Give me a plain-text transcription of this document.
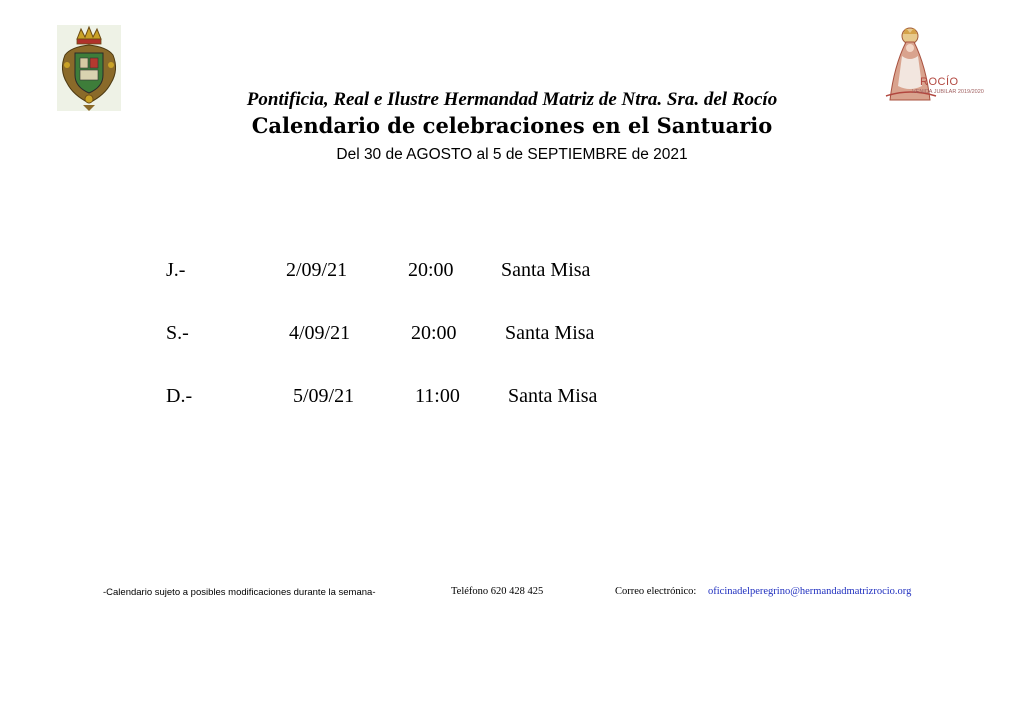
ROCÍO
VENIDA JUBILAR 2019/2020
Pontificia, Real e Ilustre Hermandad Matriz de Ntra. Sra. del Rocío
Calendario de celebraciones en el Santuario
Del 30 de AGOSTO al 5 de SEPTIEMBRE de 2021
J.-	2/09/21	20:00 Santa Misa
S.-	4/09/21	20:00 Santa Misa
D.-	5/09/21	11:00 Santa Misa
-Calendario sujeto a posibles modificaciones durante la semana-	Teléfono 620 428 425	Correo electrónico: oficinadelperegrino@hermandadmatrizrocio.org
